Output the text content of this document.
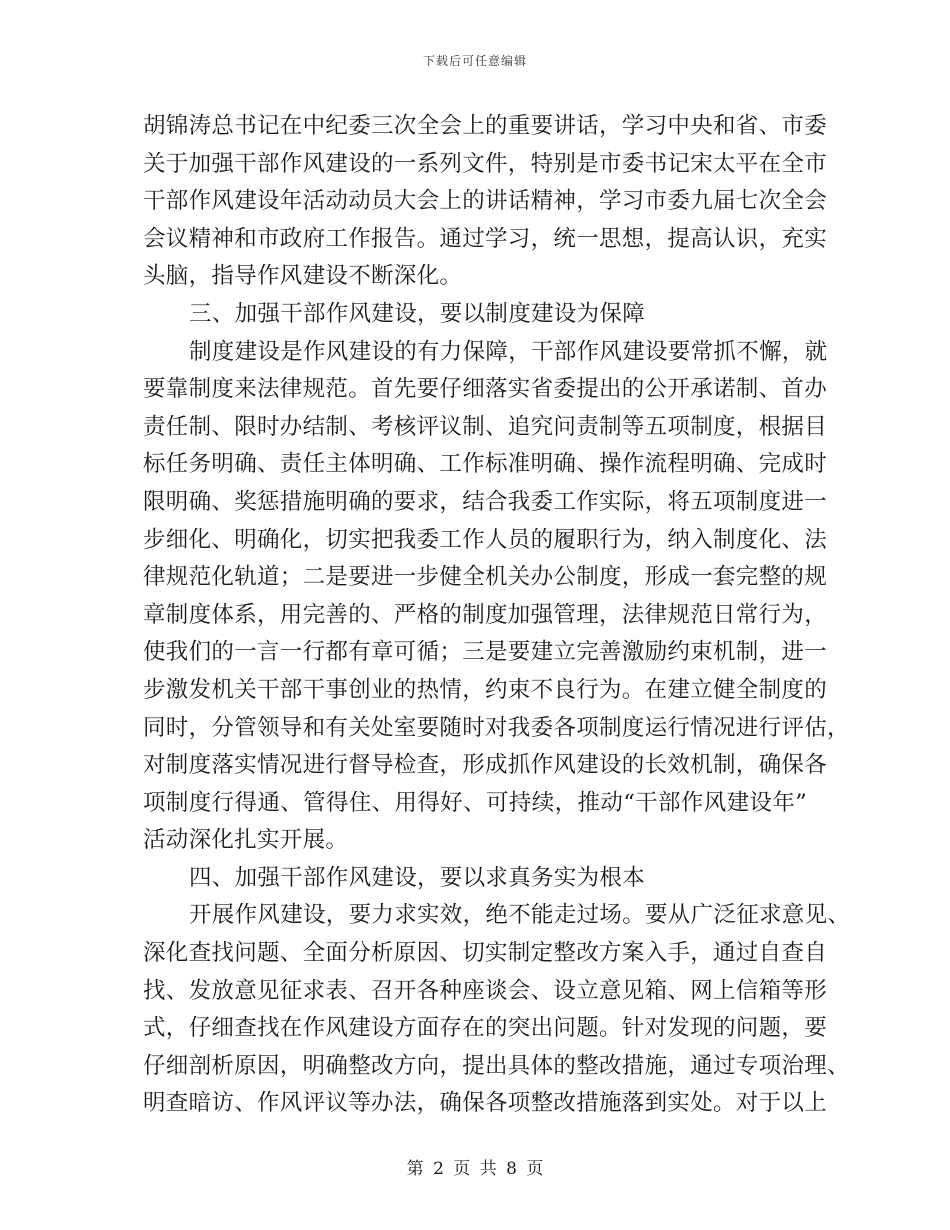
下载后可任意编辑
胡锦涛总书记在中纪委三次全会上的重要讲话，学习中央和省、市委
关于加强干部作风建设的一系列文件，特别是市委书记宋太平在全市
干部作风建设年活动动员大会上的讲话精神，学习市委九届七次全会
会议精神和市政府工作报告。通过学习，统一思想，提高认识，充实
头脑，指导作风建设不断深化。
三、加强干部作风建设，要以制度建设为保障
制度建设是作风建设的有力保障，干部作风建设要常抓不懈，就
要靠制度来法律规范。首先要仔细落实省委提出的公开承诺制、首办
责任制、限时办结制、考核评议制、追究问责制等五项制度，根据目
标任务明确、责任主体明确、工作标准明确、操作流程明确、完成时
限明确、奖惩措施明确的要求，结合我委工作实际，将五项制度进一
步细化、明确化，切实把我委工作人员的履职行为，纳入制度化、法
律规范化轨道；二是要进一步健全机关办公制度，形成一套完整的规
章制度体系，用完善的、严格的制度加强管理，法律规范日常行为，
使我们的一言一行都有章可循；三是要建立完善激励约束机制，进一
步激发机关干部干事创业的热情，约束不良行为。在建立健全制度的
同时，分管领导和有关处室要随时对我委各项制度运行情况进行评估，
对制度落实情况进行督导检查，形成抓作风建设的长效机制，确保各
项制度行得通、管得住、用得好、可持续，推动“干部作风建设年”
活动深化扎实开展。
四、加强干部作风建设，要以求真务实为根本
开展作风建设，要力求实效，绝不能走过场。要从广泛征求意见、
深化查找问题、全面分析原因、切实制定整改方案入手，通过自查自
找、发放意见征求表、召开各种座谈会、设立意见箱、网上信箱等形
式，仔细查找在作风建设方面存在的突出问题。针对发现的问题，要
仔细剖析原因，明确整改方向，提出具体的整改措施，通过专项治理、
明查暗访、作风评议等办法，确保各项整改措施落到实处。对于以上
第 2 页 共 8 页
